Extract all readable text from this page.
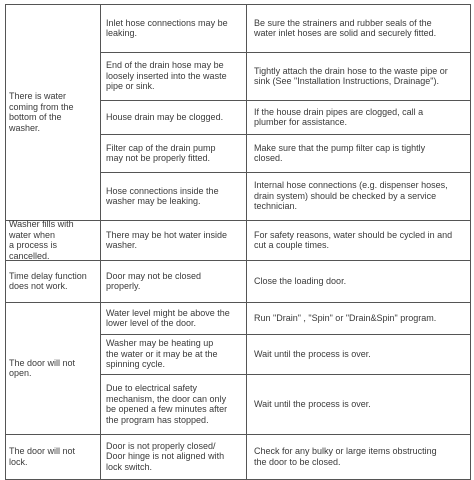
There is water
coming from the
bottom of the
washer.
Inlet hose connections may be
leaking.
Be sure the strainers and rubber seals of the
water inlet hoses are solid and securely fitted.
End of the drain hose may be
loosely inserted into the waste
pipe or sink.
Tightly attach the drain hose to the waste pipe or
sink (See "Installation Instructions, Drainage").
House drain may be clogged.
If the house drain pipes are clogged, call a
plumber for assistance.
Filter cap of the drain pump
may not be properly fitted.
Make sure that the pump filter cap is tightly
closed.
Hose connections inside the
washer may be leaking.
Internal hose connections (e.g. dispenser hoses,
drain system) should be checked by a service
technician.
Washer fills with
water when
a process is
cancelled.
There may be hot water inside
washer.
For safety reasons, water should be cycled in and
cut a couple times.
Time delay function
does not work.
Door may not be closed
properly.
Close the loading door.
The door will not
open.
Water level might be above the
lower level of the door.
Run "Drain" , "Spin" or "Drain&Spin" program.
Washer may be heating up
the water or it may be at the
spinning cycle.
Wait until the process is over.
Due to electrical safety
mechanism, the door can only
be opened a few minutes after
the program has stopped.
Wait until the process is over.
The door will not
lock.
Door is not properly closed/
Door hinge is not aligned with
lock switch.
Check for any bulky or large items obstructing
the door to be closed.
